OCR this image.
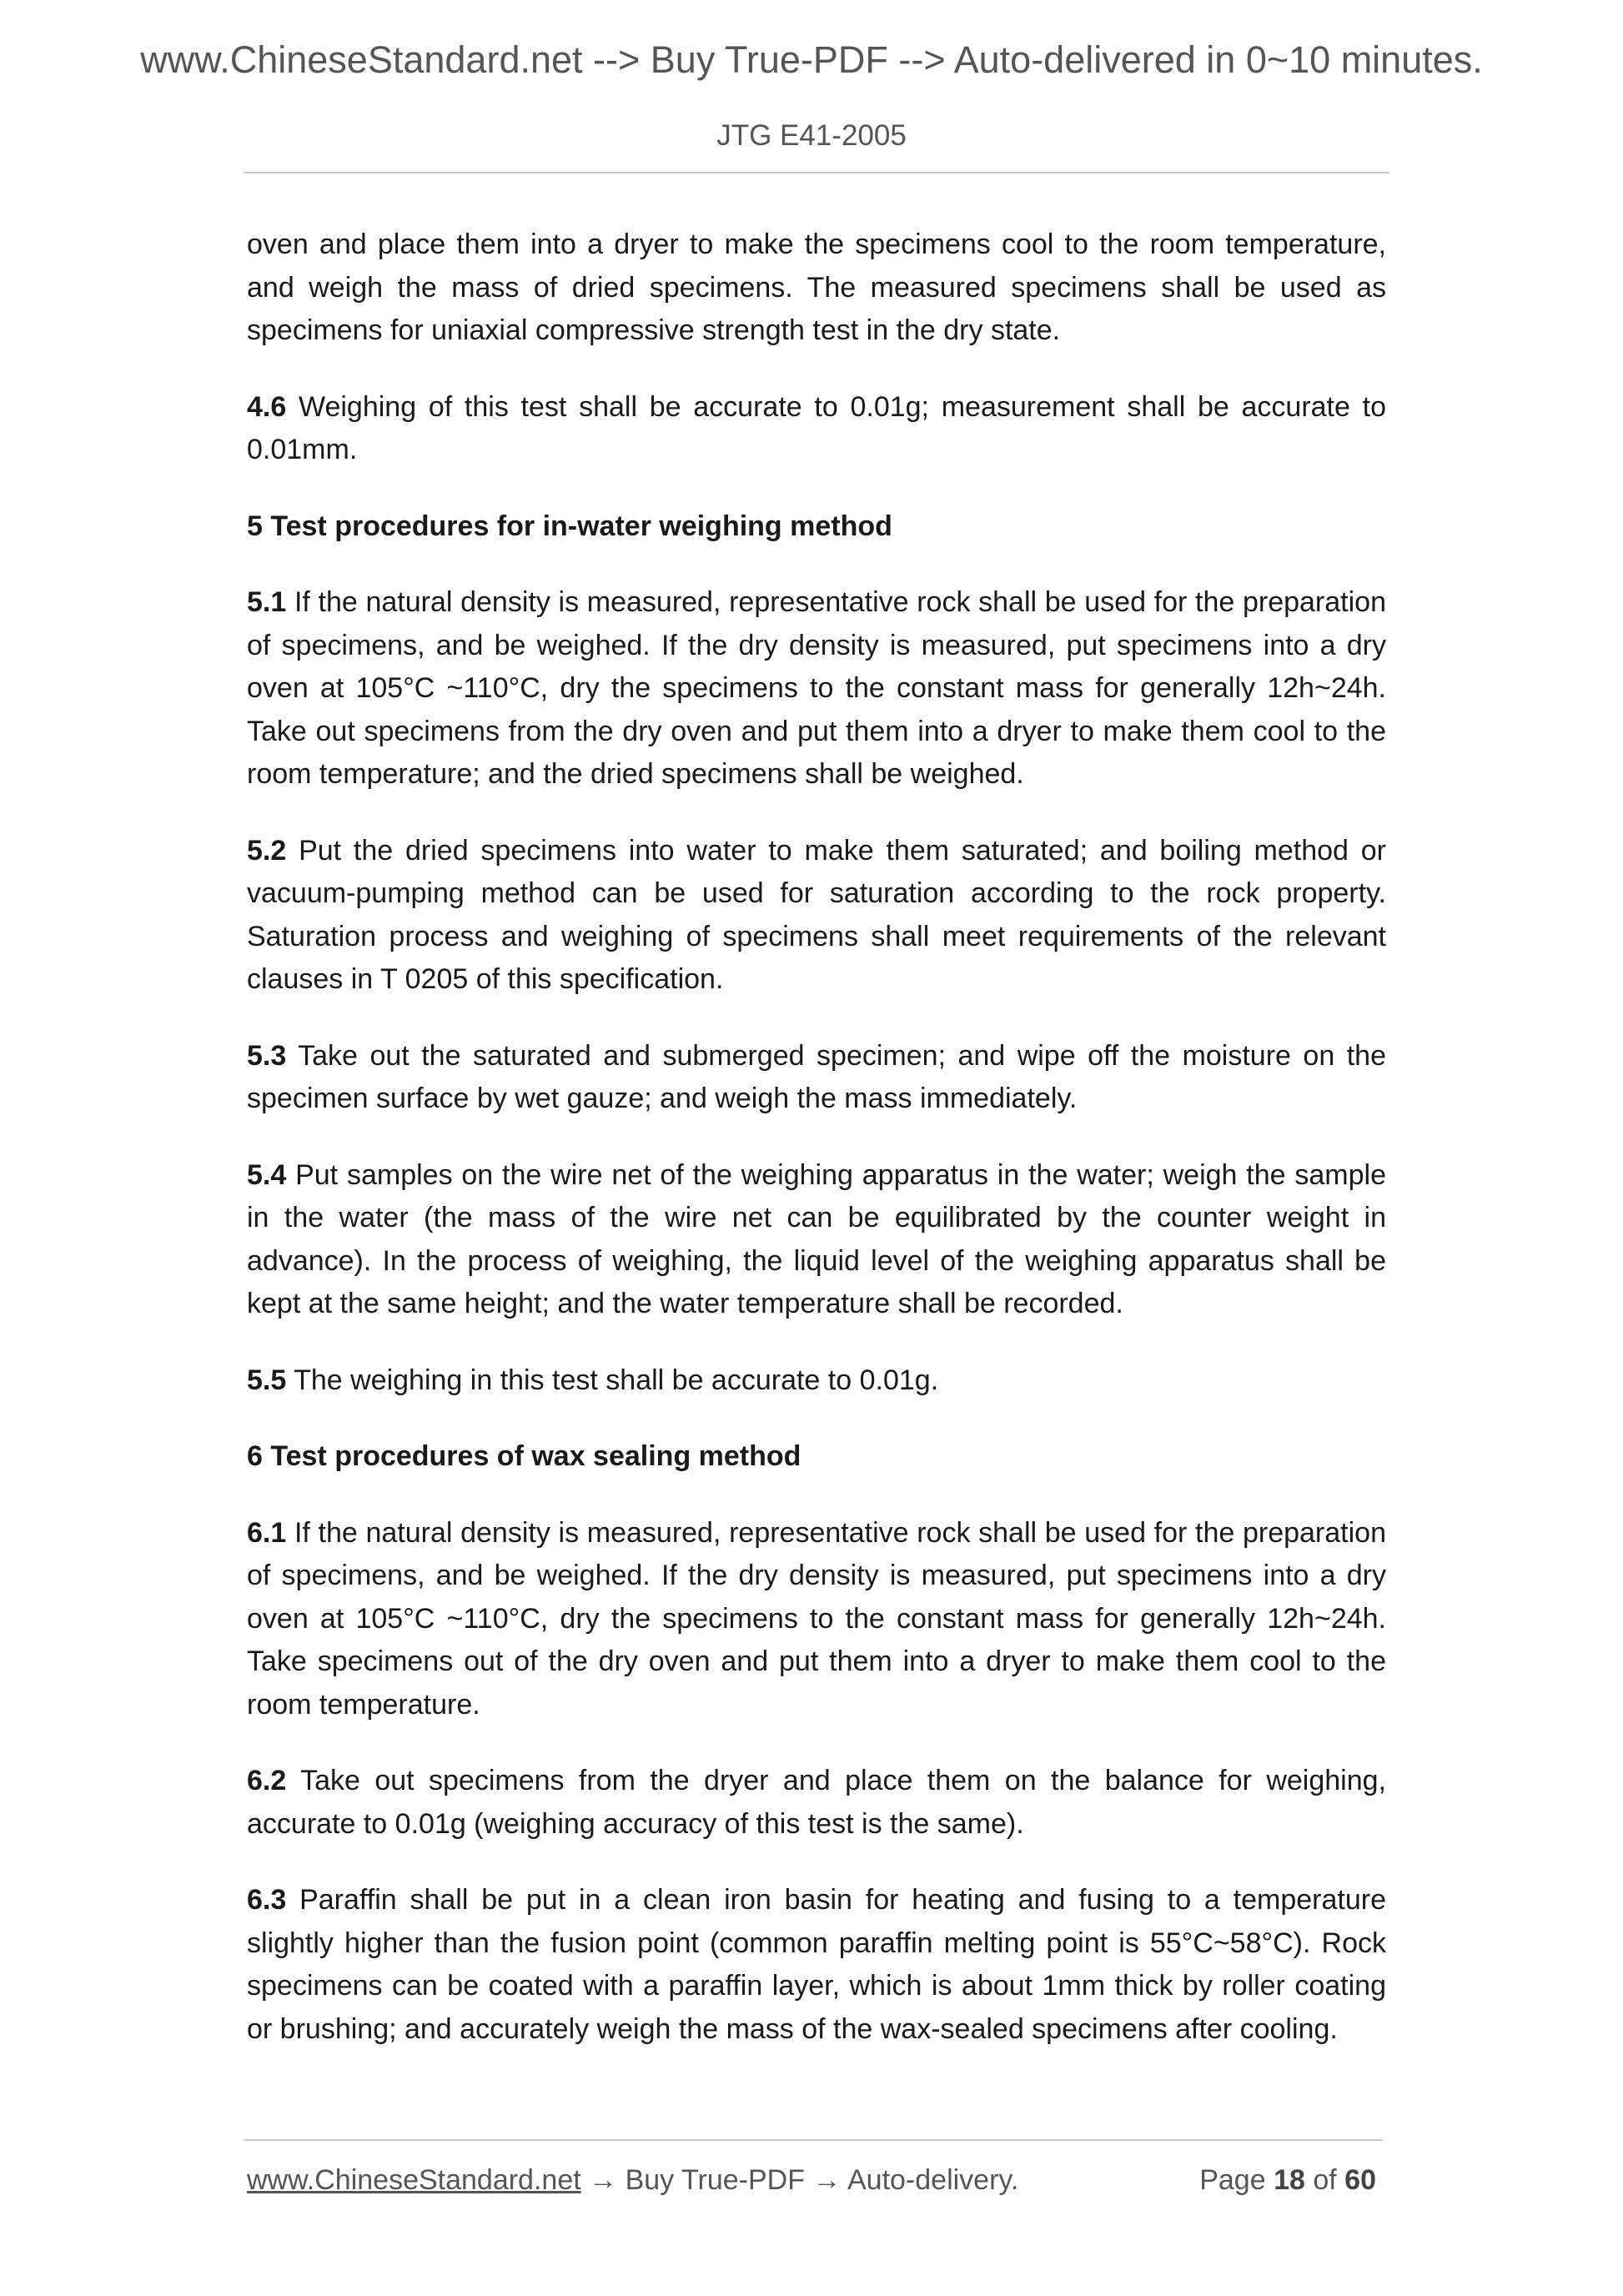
www.ChineseStandard.net --> Buy True-PDF --> Auto-delivered in 0~10 minutes.
JTG E41-2005

oven and place them into a dryer to make the specimens cool to the room temperature, and weigh the mass of dried specimens. The measured specimens shall be used as specimens for uniaxial compressive strength test in the dry state.

4.6 Weighing of this test shall be accurate to 0.01g; measurement shall be accurate to 0.01mm.

5 Test procedures for in-water weighing method

5.1 If the natural density is measured, representative rock shall be used for the preparation of specimens, and be weighed. If the dry density is measured, put specimens into a dry oven at 105°C ~110°C, dry the specimens to the constant mass for generally 12h~24h. Take out specimens from the dry oven and put them into a dryer to make them cool to the room temperature; and the dried specimens shall be weighed.

5.2 Put the dried specimens into water to make them saturated; and boiling method or vacuum-pumping method can be used for saturation according to the rock property. Saturation process and weighing of specimens shall meet requirements of the relevant clauses in T 0205 of this specification.

5.3 Take out the saturated and submerged specimen; and wipe off the moisture on the specimen surface by wet gauze; and weigh the mass immediately.

5.4 Put samples on the wire net of the weighing apparatus in the water; weigh the sample in the water (the mass of the wire net can be equilibrated by the counter weight in advance). In the process of weighing, the liquid level of the weighing apparatus shall be kept at the same height; and the water temperature shall be recorded.

5.5 The weighing in this test shall be accurate to 0.01g.

6 Test procedures of wax sealing method

6.1 If the natural density is measured, representative rock shall be used for the preparation of specimens, and be weighed. If the dry density is measured, put specimens into a dry oven at 105°C ~110°C, dry the specimens to the constant mass for generally 12h~24h. Take specimens out of the dry oven and put them into a dryer to make them cool to the room temperature.

6.2 Take out specimens from the dryer and place them on the balance for weighing, accurate to 0.01g (weighing accuracy of this test is the same).

6.3 Paraffin shall be put in a clean iron basin for heating and fusing to a temperature slightly higher than the fusion point (common paraffin melting point is 55°C~58°C). Rock specimens can be coated with a paraffin layer, which is about 1mm thick by roller coating or brushing; and accurately weigh the mass of the wax-sealed specimens after cooling.

www.ChineseStandard.net → Buy True-PDF → Auto-delivery.	Page 18 of 60
